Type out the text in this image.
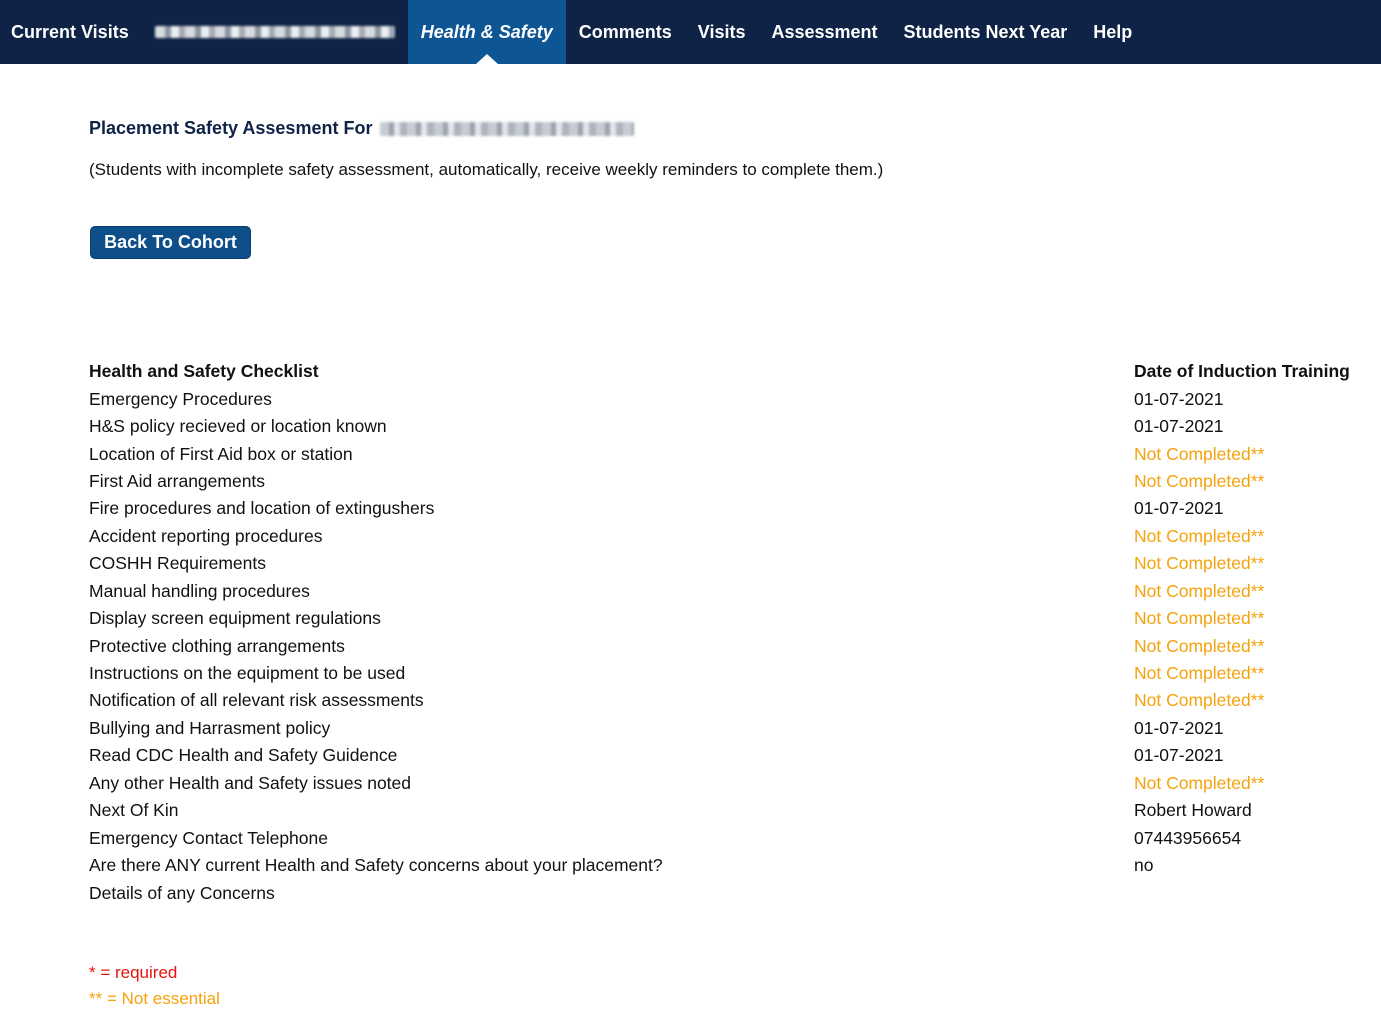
Current Visits	Health & Safety	Comments	Visits	Assessment	Students Next Year	Help
Placement Safety Assesment For
(Students with incomplete safety assessment, automatically, receive weekly reminders to complete them.)
Back To Cohort
Health and Safety Checklist	Date of Induction Training
Emergency Procedures	01-07-2021
H&S policy recieved or location known	01-07-2021
Location of First Aid box or station	Not Completed**
First Aid arrangements	Not Completed**
Fire procedures and location of extingushers	01-07-2021
Accident reporting procedures	Not Completed**
COSHH Requirements	Not Completed**
Manual handling procedures	Not Completed**
Display screen equipment regulations	Not Completed**
Protective clothing arrangements	Not Completed**
Instructions on the equipment to be used	Not Completed**
Notification of all relevant risk assessments	Not Completed**
Bullying and Harrasment policy	01-07-2021
Read CDC Health and Safety Guidence	01-07-2021
Any other Health and Safety issues noted	Not Completed**
Next Of Kin	Robert Howard
Emergency Contact Telephone	07443956654
Are there ANY current Health and Safety concerns about your placement?	no
Details of any Concerns
* = required
** = Not essential
